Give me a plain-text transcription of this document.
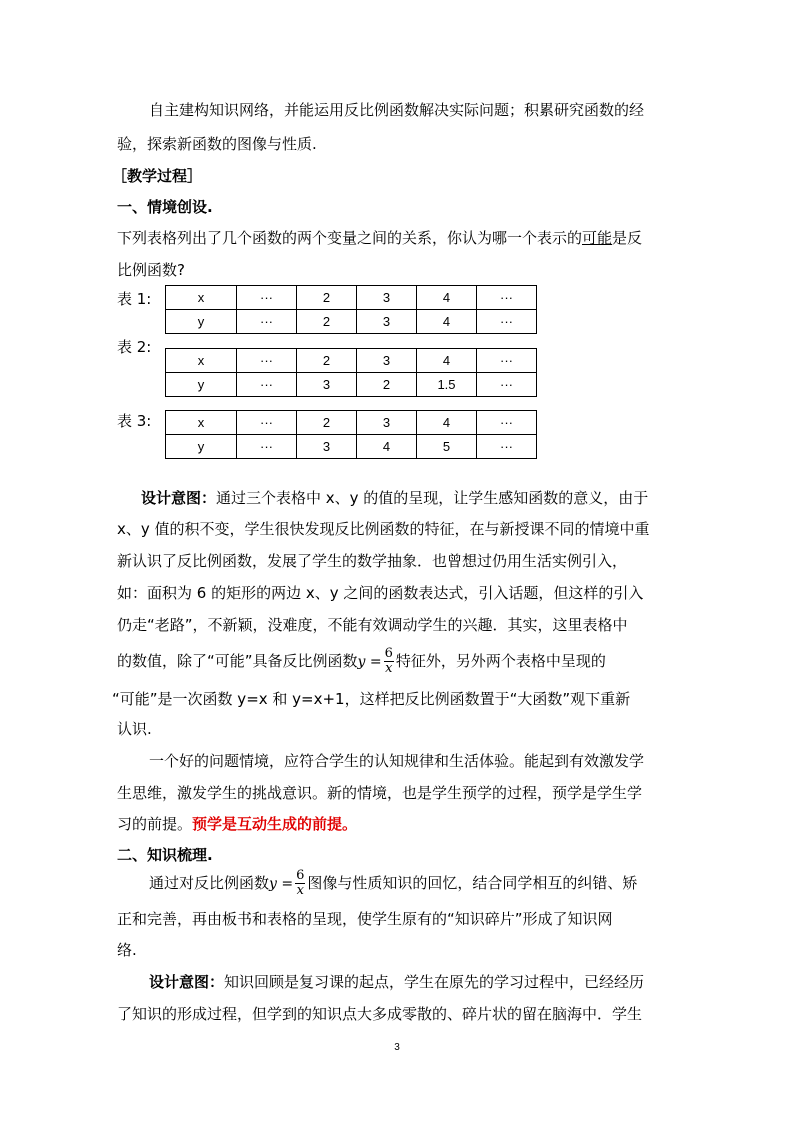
自主建构知识网络，并能运用反比例函数解决实际问题；积累研究函数的经
验，探索新函数的图像与性质.
［教学过程］
一、情境创设.
下列表格列出了几个函数的两个变量之间的关系，你认为哪一个表示的可能是反
比例函数?
表 1:	x	···	2	3	4	···
y	···	2	3	4	···
表 2:
x	···	2	3	4	···
y	···	3	2	1.5	···
表 3:	x	···	2	3	4	···
y	···	3	4	5	···
设计意图：通过三个表格中 x、y 的值的呈现，让学生感知函数的意义，由于
x、y 值的积不变，学生很快发现反比例函数的特征，在与新授课不同的情境中重
新认识了反比例函数，发展了学生的数学抽象．也曾想过仍用生活实例引入，
如：面积为 6 的矩形的两边 x、y 之间的函数表达式，引入话题，但这样的引入
仍走“老路”，不新颖，没难度，不能有效调动学生的兴趣．其实，这里表格中
的数值，除了“可能”具备反比例函数$y = \frac{6}{x}$ 特征外，另外两个表格中呈现的
“可能”是一次函数 y=x 和 y=x+1，这样把反比例函数置于“大函数”观下重新
认识.
一个好的问题情境，应符合学生的认知规律和生活体验。能起到有效激发学
生思维，激发学生的挑战意识。新的情境，也是学生预学的过程，预学是学生学
习的前提。预学是互动生成的前提。
二、知识梳理.
通过对反比例函数$y = \frac{6}{x}$ 图像与性质知识的回忆，结合同学相互的纠错、矫
正和完善，再由板书和表格的呈现，使学生原有的“知识碎片”形成了知识网
络.
设计意图：知识回顾是复习课的起点，学生在原先的学习过程中，已经经历
了知识的形成过程，但学到的知识点大多成零散的、碎片状的留在脑海中．学生
3
